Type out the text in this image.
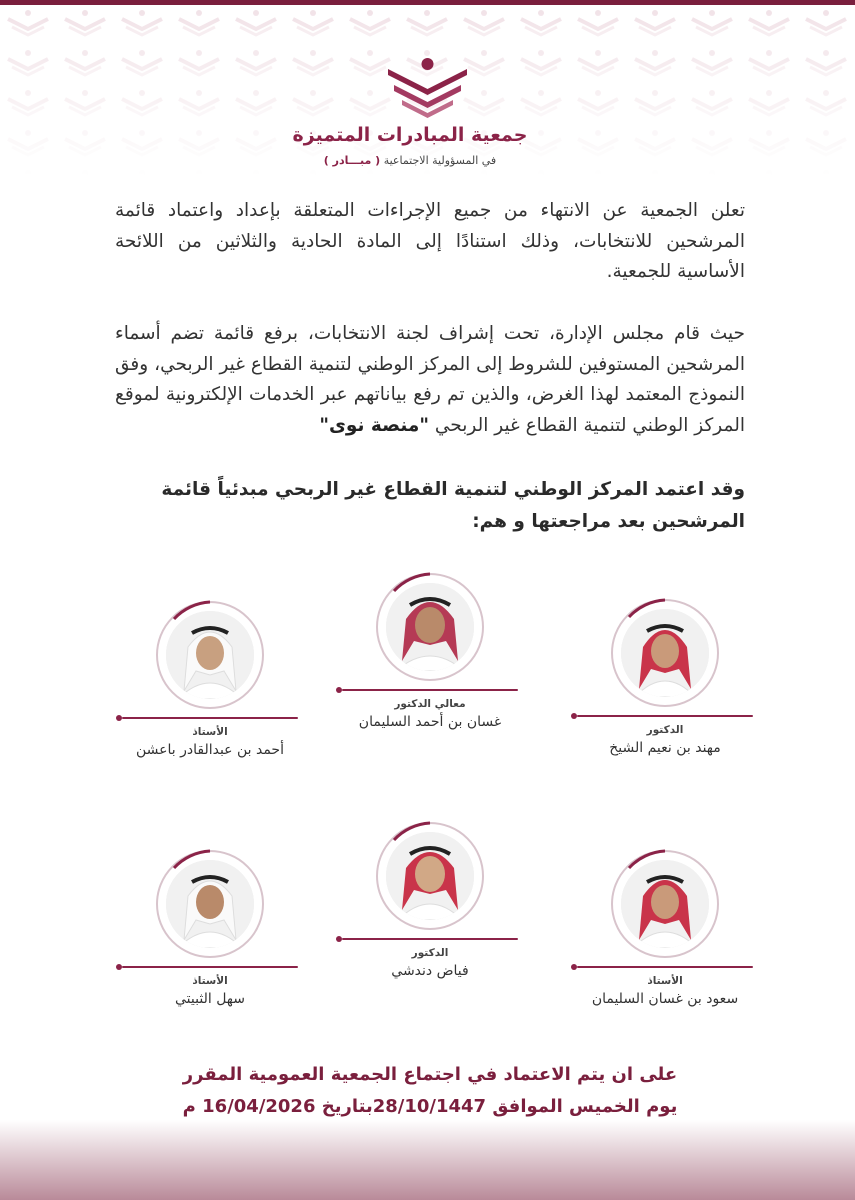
جمعية المبادرات المتميزة
في المسؤولية الاجتماعية ( مبـــادر )
تعلن الجمعية عن الانتهاء من جميع الإجراءات المتعلقة بإعداد واعتماد قائمة المرشحين للانتخابات، وذلك استنادًا إلى المادة الحادية والثلاثين من اللائحة الأساسية للجمعية.
حيث قام مجلس الإدارة، تحت إشراف لجنة الانتخابات، برفع قائمة تضم أسماء المرشحين المستوفين للشروط إلى المركز الوطني لتنمية القطاع غير الربحي، وفق النموذج المعتمد لهذا الغرض، والذين تم رفع بياناتهم عبر الخدمات الإلكترونية لموقع المركز الوطني لتنمية القطاع غير الربحي "منصة نوى"
وقد اعتمد المركز الوطني لتنمية القطاع غير الربحي مبدئياً قائمة المرشحين بعد مراجعتها و هم:
الدكتور
مهند بن نعيم الشيخ
معالي الدكتور
غسان بن أحمد السليمان
الأستاذ
أحمد بن عبدالقادر باعشن
الأستاذ
سعود بن غسان السليمان
الدكتور
فياض دندشي
الأستاذ
سهل الثبيتي
على ان يتم الاعتماد في اجتماع الجمعية العمومية المقرر
يوم الخميس الموافق 28/10/1447بتاريخ 16/04/2026 م
